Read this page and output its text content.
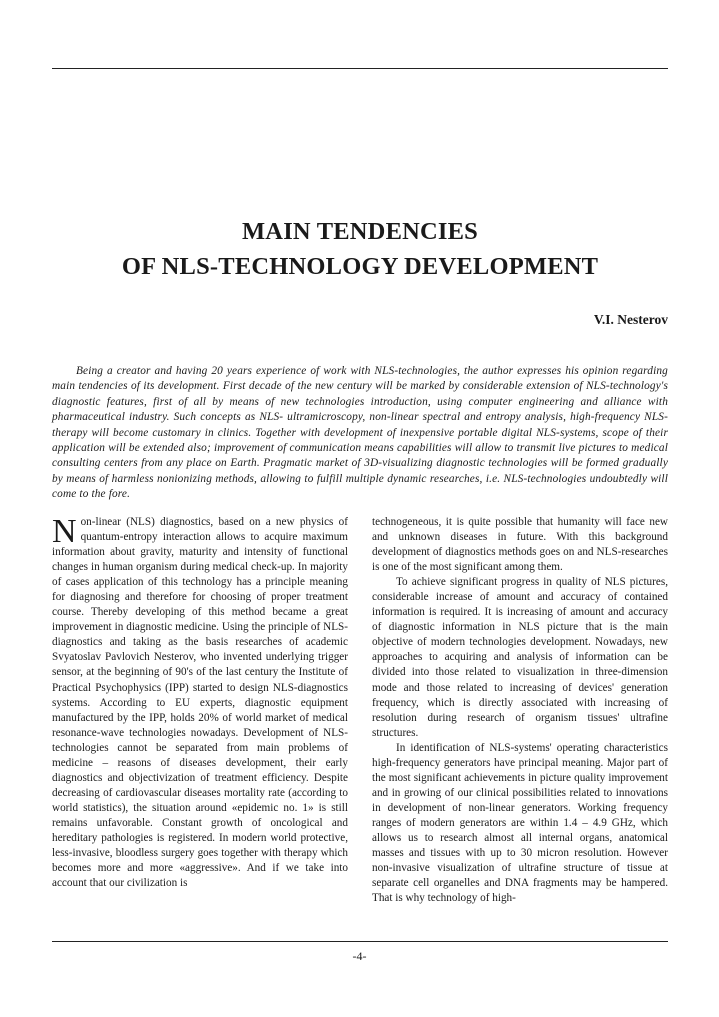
MAIN TENDENCIES
OF NLS-TECHNOLOGY DEVELOPMENT
V.I. Nesterov
Being a creator and having 20 years experience of work with NLS-technologies, the author expresses his opinion regarding main tendencies of its development. First decade of the new century will be marked by considerable extension of NLS-technology's diagnostic features, first of all by means of new technologies introduction, using computer engineering and alliance with pharmaceutical industry. Such concepts as NLS- ultramicroscopy, non-linear spectral and entropy analysis, high-frequency NLS-therapy will become customary in clinics. Together with development of inexpensive portable digital NLS-systems, scope of their application will be extended also; improvement of communication means capabilities will allow to transmit live pictures to medical consulting centers from any place on Earth. Pragmatic market of 3D-visualizing diagnostic technologies will be formed gradually by means of harmless nonionizing methods, allowing to fulfill multiple dynamic researches, i.e. NLS-technologies undoubtedly will come to the fore.

Non-linear (NLS) diagnostics, based on a new physics of quantum-entropy interaction allows to acquire maximum information about gravity, maturity and intensity of functional changes in human organism during medical check-up. In majority of cases application of this technology has a principle meaning for diagnosing and therefore for choosing of proper treatment course. Thereby developing of this method became a great improvement in diagnostic medicine. Using the principle of NLS-diagnostics and taking as the basis researches of academic Svyatoslav Pavlovich Nesterov, who invented underlying trigger sensor, at the beginning of 90's of the last century the Institute of Practical Psychophysics (IPP) started to design NLS-diagnostics systems. According to EU experts, diagnostic equipment manufactured by the IPP, holds 20% of world market of medical resonance-wave technologies nowadays. Development of NLS-technologies cannot be separated from main problems of medicine – reasons of diseases development, their early diagnostics and objectivization of treatment efficiency. Despite decreasing of cardiovascular diseases mortality rate (according to world statistics), the situation around «epidemic no. 1» is still remains unfavorable. Constant growth of oncological and hereditary pathologies is registered. In modern world protective, less-invasive, bloodless surgery goes together with therapy which becomes more and more «aggressive». And if we take into account that our civilization is

technogeneous, it is quite possible that humanity will face new and unknown diseases in future. With this background development of diagnostics methods goes on and NLS-researches is one of the most significant among them.

To achieve significant progress in quality of NLS pictures, considerable increase of amount and accuracy of contained information is required. It is increasing of amount and accuracy of diagnostic information in NLS picture that is the main objective of modern technologies development. Nowadays, new approaches to acquiring and analysis of information can be divided into those related to visualization in three-dimension mode and those related to increasing of devices' generation frequency, which is directly associated with increasing of resolution during research of organism tissues' ultrafine structures.

In identification of NLS-systems' operating characteristics high-frequency generators have principal meaning. Major part of the most significant achievements in picture quality improvement and in growing of our clinical possibilities related to innovations in development of non-linear generators. Working frequency ranges of modern generators are within 1.4 – 4.9 GHz, which allows us to research almost all internal organs, anatomical masses and tissues with up to 30 micron resolution. However non-invasive visualization of ultrafine structure of tissue at separate cell organelles and DNA fragments may be hampered. That is why technology of high-

-4-
